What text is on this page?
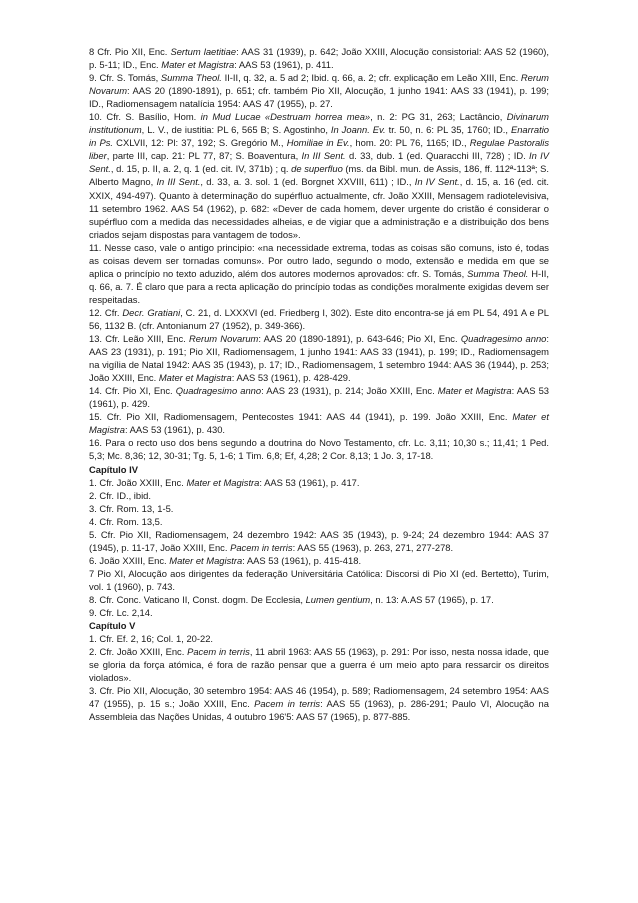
8 Cfr. Pio XII, Enc. Sertum laetitiae: AAS 31 (1939), p. 642; João XXIII, Alocução consistorial: AAS 52 (1960), p. 5-11; ID., Enc. Mater et Magistra: AAS 53 (1961), p. 411.

9. Cfr. S. Tomás, Summa Theol. II-II, q. 32, a. 5 ad 2; Ibid. q. 66, a. 2; cfr. explicação em Leão XIII, Enc. Rerum Novarum: AAS 20 (1890-1891), p. 651; cfr. também Pio XII, Alocução, 1 junho 1941: AAS 33 (1941), p. 199; ID., Radiomensagem natalícia 1954: AAS 47 (1955), p. 27.

10. Cfr. S. Basílio, Hom. in Mud Lucae «Destruam horrea mea», n. 2: PG 31, 263; Lactâncio, Divinarum institutionum, L. V., de iustitia: PL 6, 565 B; S. Agostinho, In Joann. Ev. tr. 50, n. 6: PL 35, 1760; ID., Enarratio in Ps. CXLVII, 12: Pl: 37, 192; S. Gregório M., Homiliae in Ev., hom. 20: PL 76, 1165; ID., Regulae Pastoralis liber, parte III, cap. 21: PL 77, 87; S. Boaventura, In III Sent. d. 33, dub. 1 (ed. Quaracchi III, 728) ; ID. In IV Sent., d. 15, p. II, a. 2, q. 1 (ed. cit. IV, 371b) ; q. de superfluo (ms. da Bibl. mun. de Assis, 186, ff. 112ª-113ª; S. Alberto Magno, In III Sent., d. 33, a. 3. sol. 1 (ed. Borgnet XXVIII, 611) ; ID., In IV Sent., d. 15, a. 16 (ed. cit. XXIX, 494-497). Quanto à determinação do supérfluo actualmente, cfr. João XXIII, Mensagem radiotelevisiva, 11 setembro 1962. AAS 54 (1962), p. 682: «Dever de cada homem, dever urgente do cristão é considerar o supérfluo com a medida das necessidades alheias, e de vigiar que a administração e a distribuição dos bens criados sejam dispostas para vantagem de todos».

11. Nesse caso, vale o antigo principio: «na necessidade extrema, todas as coisas são comuns, isto é, todas as coisas devem ser tornadas comuns». Por outro lado, segundo o modo, extensão e medida em que se aplica o princípio no texto aduzido, além dos autores modernos aprovados: cfr. S. Tomás, Summa Theol. H-II, q. 66, a. 7. É claro que para a recta aplicação do princípio todas as condições moralmente exigidas devem ser respeitadas.

12. Cfr. Decr. Gratiani, C. 21, d. LXXXVI (ed. Friedberg I, 302). Este dito encontra-se já em PL 54, 491 A e PL 56, 1132 B. (cfr. Antonianum 27 (1952), p. 349-366).

13. Cfr. Leão XIII, Enc. Rerum Novarum: AAS 20 (1890-1891), p. 643-646; Pio XI, Enc. Quadragesimo anno: AAS 23 (1931), p. 191; Pio XII, Radiomensagem, 1 junho 1941: AAS 33 (1941), p. 199; ID., Radiomensagem na vigília de Natal 1942: AAS 35 (1943), p. 17; ID., Radiomensagem, 1 setembro 1944: AAS 36 (1944), p. 253; João XXIII, Enc. Mater et Magistra: AAS 53 (1961), p. 428-429.

14. Cfr. Pio XI, Enc. Quadragesimo anno: AAS 23 (1931), p. 214; João XXIII, Enc. Mater et Magistra: AAS 53 (1961), p. 429.

15. Cfr. Pio XII, Radiomensagem, Pentecostes 1941: AAS 44 (1941), p. 199. João XXIII, Enc. Mater et Magistra: AAS 53 (1961), p. 430.

16. Para o recto uso dos bens segundo a doutrina do Novo Testamento, cfr. Lc. 3,11; 10,30 s.; 11,41; 1 Ped. 5,3; Mc. 8,36; 12, 30-31; Tg. 5, 1-6; 1 Tim. 6,8; Ef, 4,28; 2 Cor. 8,13; 1 Jo. 3, 17-18.

Capítulo IV

1. Cfr. João XXIII, Enc. Mater et Magistra: AAS 53 (1961), p. 417.

2. Cfr. ID., ibid.

3. Cfr. Rom. 13, 1-5.

4. Cfr. Rom. 13,5.

5. Cfr. Pio XII, Radiomensagem, 24 dezembro 1942: AAS 35 (1943), p. 9-24; 24 dezembro 1944: AAS 37 (1945), p. 11-17, João XXIII, Enc. Pacem in terris: AAS 55 (1963), p. 263, 271, 277-278.

6. João XXIII, Enc. Mater et Magistra: AAS 53 (1961), p. 415-418.

7 Pio XI, Alocução aos dirigentes da federação Universitária Católica: Discorsi di Pio XI (ed. Bertetto), Turim, vol. 1 (1960), p. 743.

8. Cfr. Conc. Vaticano II, Const. dogm. De Ecclesia, Lumen gentium, n. 13: A.AS 57 (1965), p. 17.

9. Cfr. Lc. 2,14.

Capítulo V

1. Cfr. Ef. 2, 16; Col. 1, 20-22.

2. Cfr. João XXIII, Enc. Pacem in terris, 11 abril 1963: AAS 55 (1963), p. 291: Por isso, nesta nossa idade, que se gloria da força atómica, é fora de razão pensar que a guerra é um meio apto para ressarcir os direitos violados».

3. Cfr. Pio XII, Alocução, 30 setembro 1954: AAS 46 (1954), p. 589; Radiomensagem, 24 setembro 1954: AAS 47 (1955), p. 15 s.; João XXIII, Enc. Pacem in terris: AAS 55 (1963), p. 286-291; Paulo VI, Alocução na Assembleia das Nações Unidas, 4 outubro 196'5: AAS 57 (1965), p. 877-885.
